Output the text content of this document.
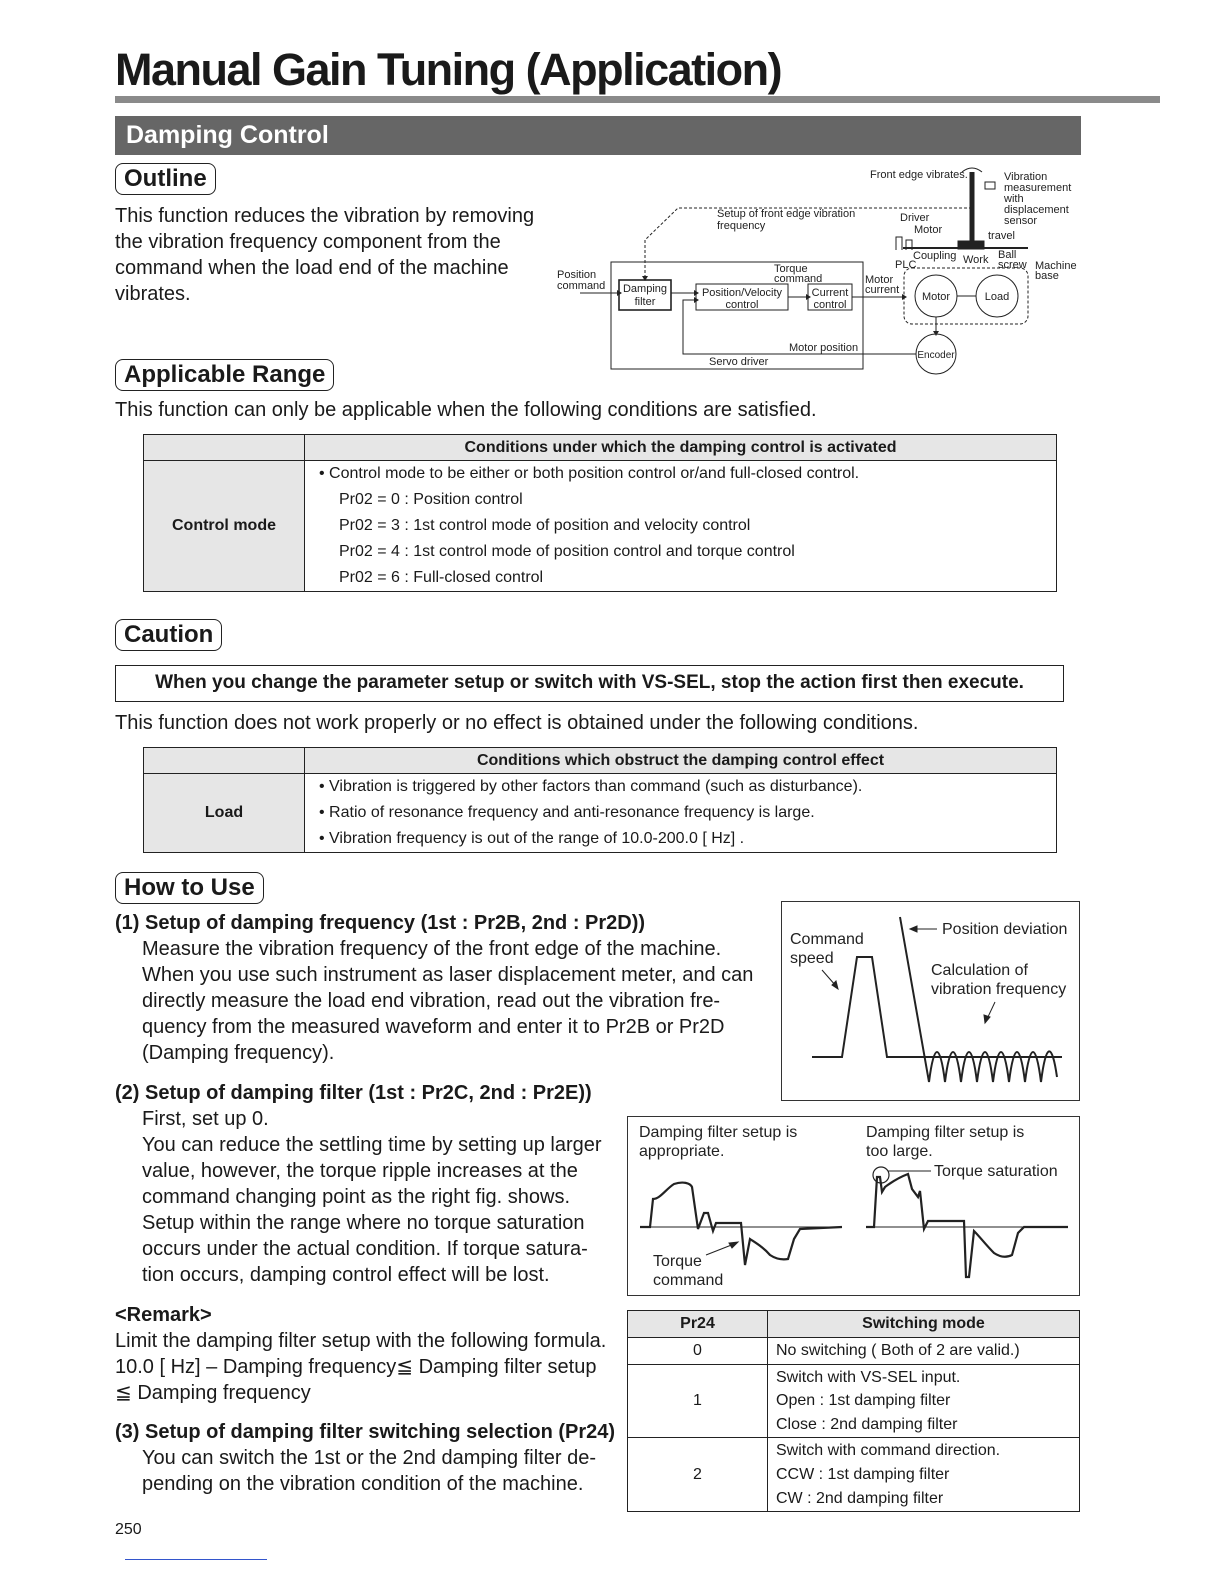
Manual Gain Tuning (Application)
Damping Control
Outline
This function reduces the vibration by removing
the vibration frequency component from the
command when the load end of the machine
vibrates.
Front edge vibrates.	Vibration
measurement
with
displacement
sensor
Setup of front edge vibration
frequency
Driver
Motor	travel
Coupling Work Ball
screw
PLC	Machine
base
Position
command
Torque
command
Damping
filter
Position/Velocity
control
Current
control
Motor
current
Motor	Load
Motor position
Servo driver
Encoder
Applicable Range
This function can only be applicable when the following conditions are satisfied.
	Conditions under which the damping control is activated
Control mode	• Control mode to be either or both position control or/and full-closed control.
Pr02 = 0 : Position control
Pr02 = 3 : 1st control mode of position and velocity control
Pr02 = 4 : 1st control mode of position control and torque control
Pr02 = 6 : Full-closed control
Caution
When you change the parameter setup or switch with VS-SEL, stop the action first then execute.
This function does not work properly or no effect is obtained under the following conditions.
	Conditions which obstruct the damping control effect
Load	• Vibration is triggered by other factors than command (such as disturbance).
• Ratio of resonance frequency and anti-resonance frequency is large.
• Vibration frequency is out of the range of 10.0-200.0 [ Hz] .
How to Use
(1) Setup of damping frequency (1st : Pr2B, 2nd : Pr2D))
Measure the vibration frequency of the front edge of the machine.
When you use such instrument as laser displacement meter, and can
directly measure the load end vibration, read out the vibration fre-
quency from the measured waveform and enter it to Pr2B or Pr2D
(Damping frequency).
(2) Setup of damping filter (1st : Pr2C, 2nd : Pr2E))
First, set up 0.
You can reduce the settling time by setting up larger
value, however, the torque ripple increases at the
command changing point as the right fig. shows.
Setup within the range where no torque saturation
occurs under the actual condition. If torque satura-
tion occurs, damping control effect will be lost.
<Remark>
Limit the damping filter setup with the following formula.
10.0 [ Hz] – Damping frequency≦ Damping filter setup
≦ Damping frequency
(3) Setup of damping filter switching selection (Pr24)
You can switch the 1st or the 2nd damping filter de-
pending on the vibration condition of the machine.
Command
speed
Position deviation
Calculation of
vibration frequency
Damping filter setup is
appropriate.
Damping filter setup is
too large.
Torque saturation
Torque
command
Pr24	Switching mode
0	No switching ( Both of 2 are valid.)

1	Switch with VS-SEL input.
Open : 1st damping filter
Close : 2nd damping filter

2	Switch with command direction.
CCW : 1st damping filter
CW : 2nd damping filter
250
